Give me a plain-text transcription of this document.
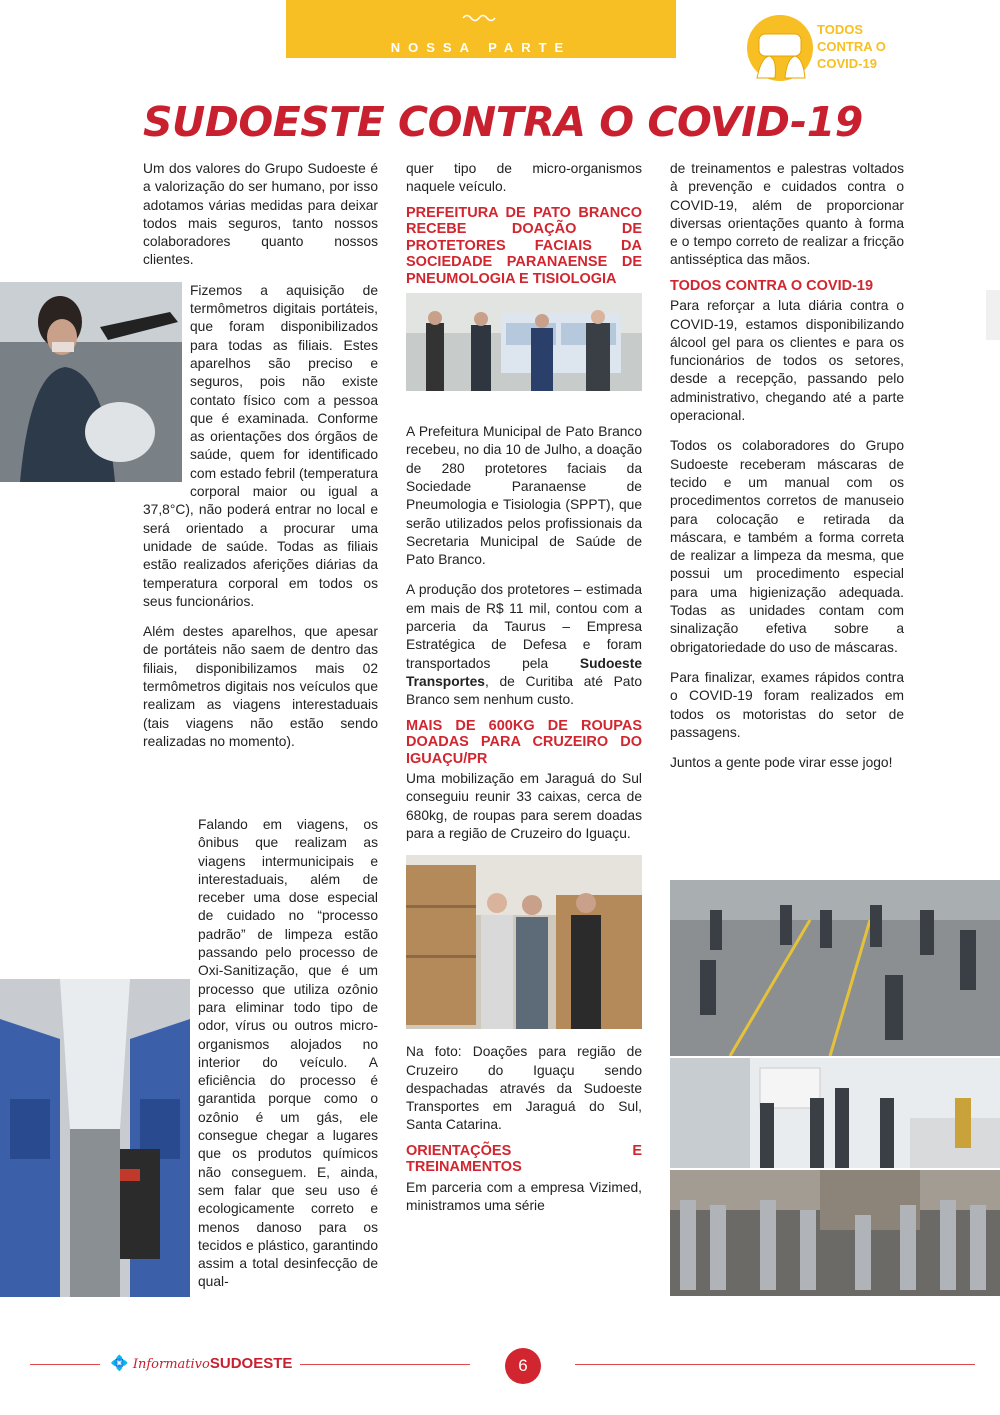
NOSSA PARTE
TODOS
CONTRA O
COVID-19
SUDOESTE CONTRA O COVID-19

Um dos valores do Grupo Sudoeste é a valorização do ser humano, por isso adotamos várias medidas para deixar todos mais seguros, tanto nossos colaboradores quanto nossos clientes.

Fizemos a aquisição de termômetros digitais portáteis, que foram disponibilizados para todas as filiais. Estes aparelhos são preciso e seguros, pois não existe contato físico com a pessoa que é examinada. Conforme as orientações dos órgãos de saúde, quem for identificado com estado febril (temperatura corporal maior ou igual a 37,8°C), não poderá entrar no local e será orientado a procurar uma unidade de saúde. Todas as filiais estão realizados aferições diárias da temperatura corporal em todos os seus funcionários.

Além destes aparelhos, que apesar de portáteis não saem de dentro das filiais, disponibilizamos mais 02 termômetros digitais nos veículos que realizam as viagens interestaduais (tais viagens não estão sendo realizadas no momento).

Falando em viagens, os ônibus que realizam as viagens intermunicipais e interestaduais, além de receber uma dose especial de cuidado no “processo padrão” de limpeza estão passando pelo processo de Oxi-Sanitização, que é um processo que utiliza ozônio para eliminar todo tipo de odor, vírus ou outros micro-organismos alojados no interior do veículo. A eficiência do processo é garantida porque como o ozônio é um gás, ele consegue chegar a lugares que os produtos químicos não conseguem. E, ainda, sem falar que seu uso é ecologicamente correto e menos danoso para os tecidos e plástico, garantindo assim a total desinfecção de qual-

quer tipo de micro-organismos naquele veículo.

PREFEITURA DE PATO BRANCO RECEBE DOAÇÃO DE PROTETORES FACIAIS DA SOCIEDADE PARANAENSE DE PNEUMOLOGIA E TISIOLOGIA

A Prefeitura Municipal de Pato Branco recebeu, no dia 10 de Julho, a doação de 280 protetores faciais da Sociedade Paranaense de Pneumologia e Tisiologia (SPPT), que serão utilizados pelos profissionais da Secretaria Municipal de Saúde de Pato Branco.

A produção dos protetores – estimada em mais de R$ 11 mil, contou com a parceria da Taurus – Empresa Estratégica de Defesa e foram transportados pela Sudoeste Transportes, de Curitiba até Pato Branco sem nenhum custo.

MAIS DE 600KG DE ROUPAS DOADAS PARA CRUZEIRO DO IGUAÇU/PR

Uma mobilização em Jaraguá do Sul conseguiu reunir 33 caixas, cerca de 680kg, de roupas para serem doadas para a região de Cruzeiro do Iguaçu.

Na foto: Doações para região de Cruzeiro do Iguaçu sendo despachadas através da Sudoeste Transportes em Jaraguá do Sul, Santa Catarina.

ORIENTAÇÕES E TREINAMENTOS

Em parceria com a empresa Vizimed, ministramos uma série

de treinamentos e palestras voltados à prevenção e cuidados contra o COVID-19, além de proporcionar diversas orientações quanto à forma e o tempo correto de realizar a fricção antisséptica das mãos.

TODOS CONTRA O COVID-19

Para reforçar a luta diária contra o COVID-19, estamos disponibilizando álcool gel para os clientes e para os funcionários de todos os setores, desde a recepção, passando pelo administrativo, chegando até a parte operacional.

Todos os colaboradores do Grupo Sudoeste receberam máscaras de tecido e um manual com os procedimentos corretos de manuseio para colocação e retirada da máscara, e também a forma correta de realizar a limpeza da mesma, que possui um procedimento especial para uma higienização adequada. Todas as unidades contam com sinalização efetiva sobre a obrigatoriedade do uso de máscaras.

Para finalizar, exames rápidos contra o COVID-19 foram realizados em todos os motoristas do setor de passagens.

Juntos a gente pode virar esse jogo!

💠 InformativoSUDOESTE	6
